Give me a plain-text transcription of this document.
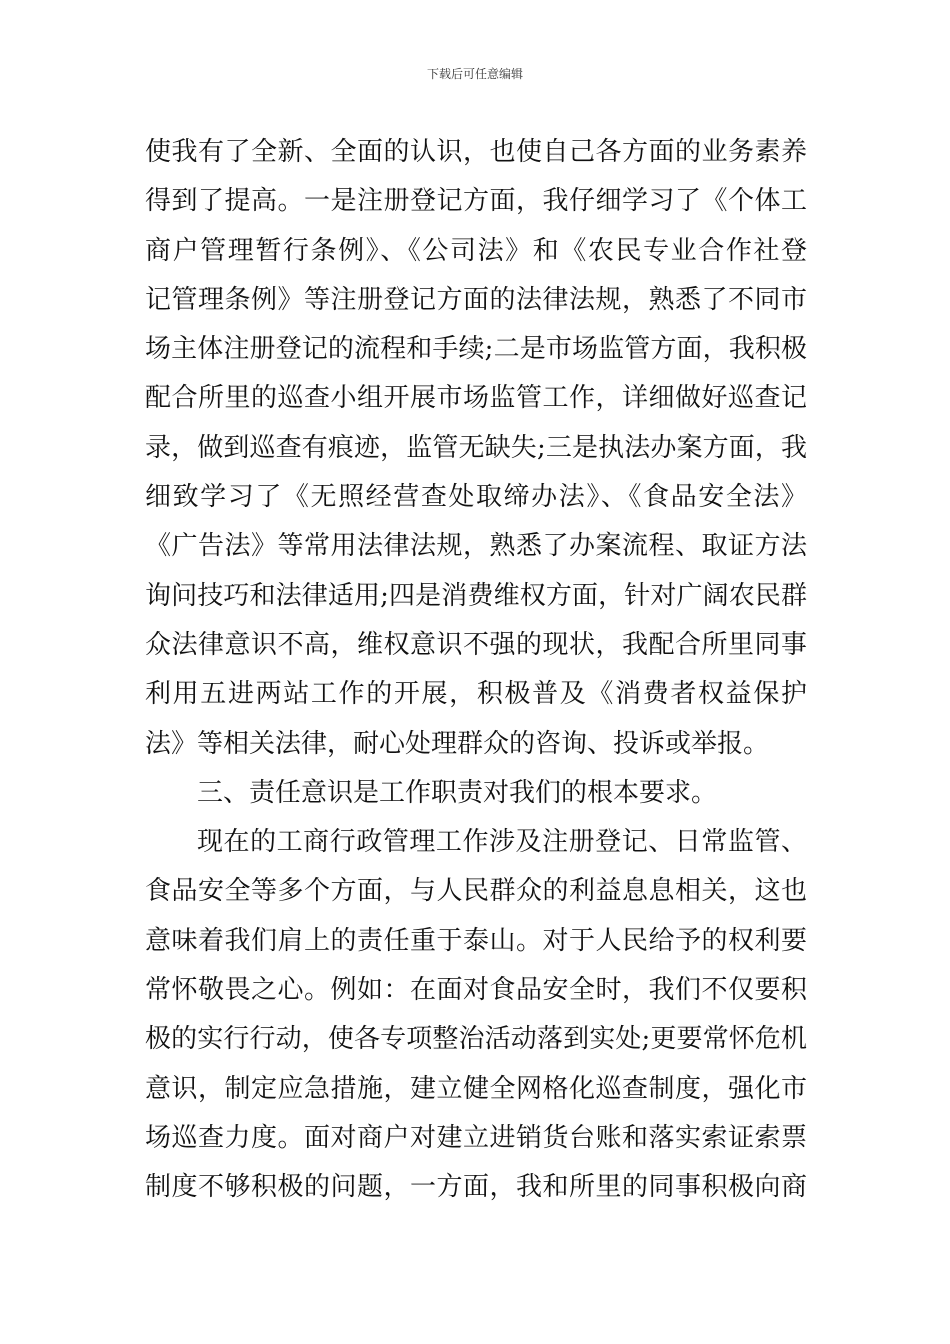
下载后可任意编辑
使我有了全新、全面的认识，也使自己各方面的业务素养
得到了提高。一是注册登记方面，我仔细学习了《个体工
商户管理暂行条例》、《公司法》和《农民专业合作社登
记管理条例》等注册登记方面的法律法规，熟悉了不同市
场主体注册登记的流程和手续;二是市场监管方面，我积极
配合所里的巡查小组开展市场监管工作，详细做好巡查记
录，做到巡查有痕迹，监管无缺失;三是执法办案方面，我
细致学习了《无照经营查处取缔办法》、《食品安全法》
《广告法》等常用法律法规，熟悉了办案流程、取证方法
询问技巧和法律适用;四是消费维权方面，针对广阔农民群
众法律意识不高，维权意识不强的现状，我配合所里同事
利用五进两站工作的开展，积极普及《消费者权益保护
法》等相关法律，耐心处理群众的咨询、投诉或举报。
三、责任意识是工作职责对我们的根本要求。
现在的工商行政管理工作涉及注册登记、日常监管、
食品安全等多个方面，与人民群众的利益息息相关，这也
意味着我们肩上的责任重于泰山。对于人民给予的权利要
常怀敬畏之心。例如：在面对食品安全时，我们不仅要积
极的实行行动，使各专项整治活动落到实处;更要常怀危机
意识，制定应急措施，建立健全网格化巡查制度，强化市
场巡查力度。面对商户对建立进销货台账和落实索证索票
制度不够积极的问题，一方面，我和所里的同事积极向商
